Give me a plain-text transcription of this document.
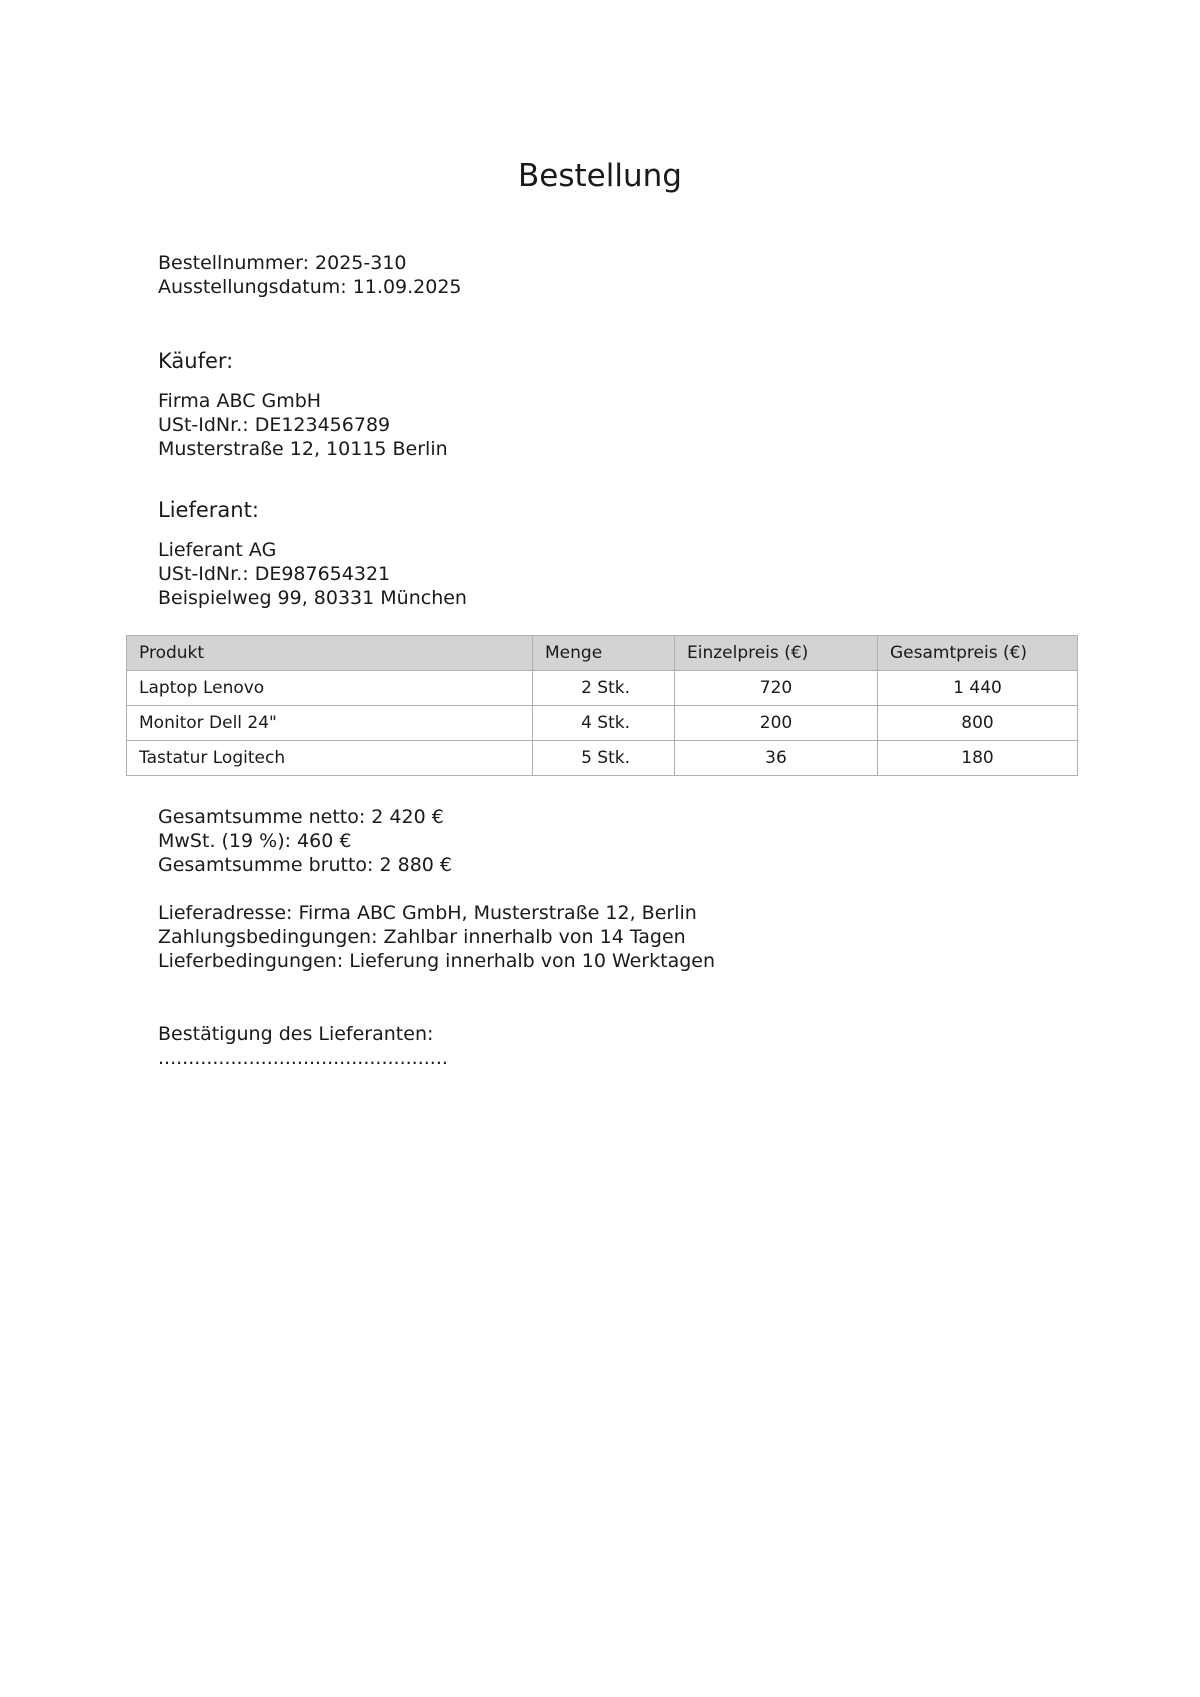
Bestellung
Bestellnummer: 2025-310
Ausstellungsdatum: 11.09.2025
Käufer:
Firma ABC GmbH
USt-IdNr.: DE123456789
Musterstraße 12, 10115 Berlin
Lieferant:
Lieferant AG
USt-IdNr.: DE987654321
Beispielweg 99, 80331 München
Produkt	Menge	Einzelpreis (€)	Gesamtpreis (€)
Laptop Lenovo	2 Stk.	720	1 440
Monitor Dell 24"	4 Stk.	200	800
Tastatur Logitech	5 Stk.	36	180
Gesamtsumme netto: 2 420 €
MwSt. (19 %): 460 €
Gesamtsumme brutto: 2 880 €
Lieferadresse: Firma ABC GmbH, Musterstraße 12, Berlin
Zahlungsbedingungen: Zahlbar innerhalb von 14 Tagen
Lieferbedingungen: Lieferung innerhalb von 10 Werktagen
Bestätigung des Lieferanten:
................................................
